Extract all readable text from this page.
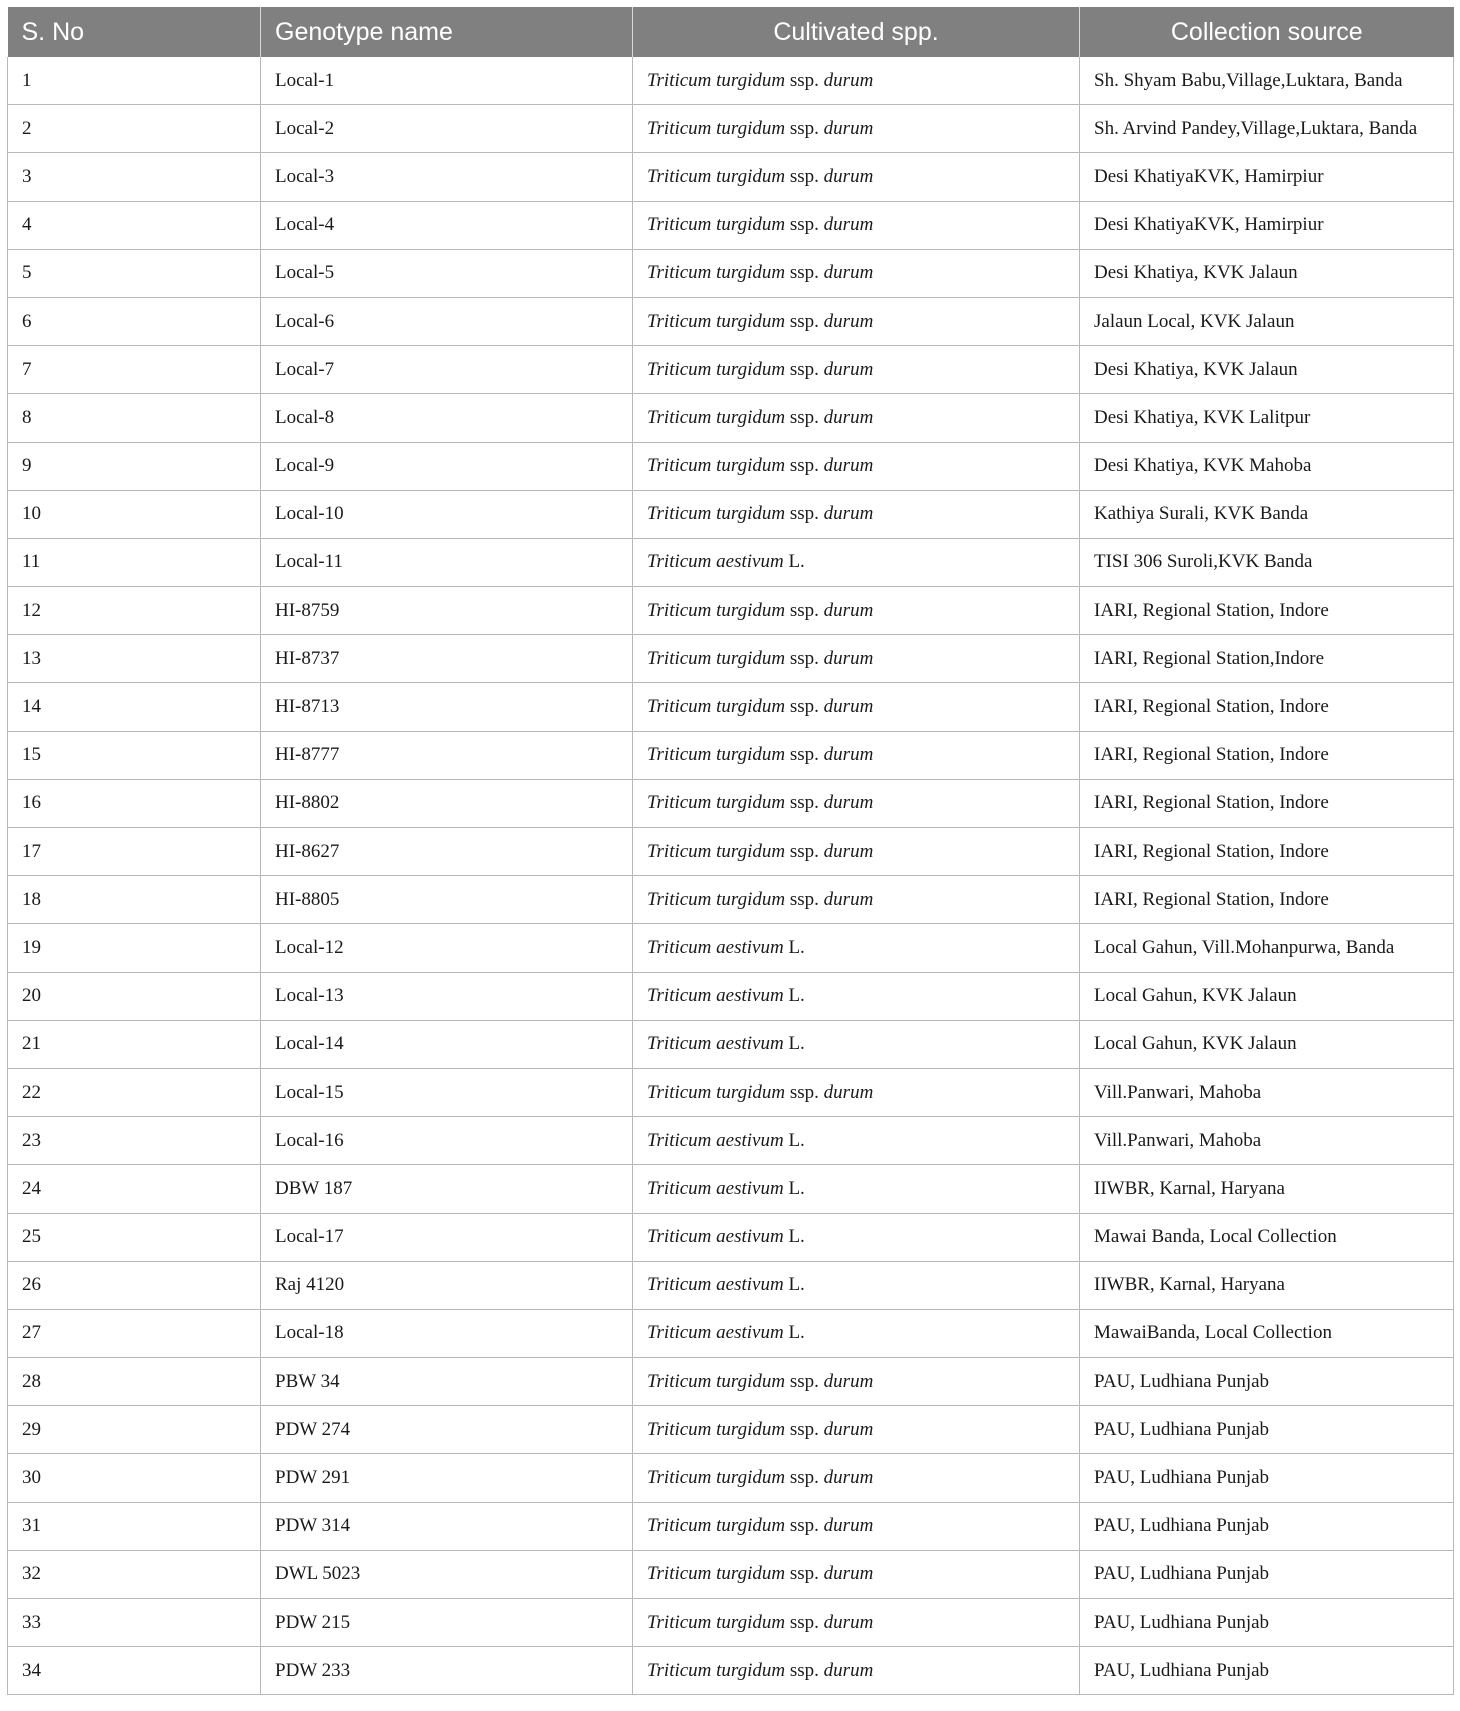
S. No	Genotype name	Cultivated spp.	Collection source
1	Local-1	Triticum turgidum ssp. durum	Sh. Shyam Babu,Village,Luktara, Banda
2	Local-2	Triticum turgidum ssp. durum	Sh. Arvind Pandey,Village,Luktara, Banda
3	Local-3	Triticum turgidum ssp. durum	Desi KhatiyaKVK, Hamirpiur
4	Local-4	Triticum turgidum ssp. durum	Desi KhatiyaKVK, Hamirpiur
5	Local-5	Triticum turgidum ssp. durum	Desi Khatiya, KVK Jalaun
6	Local-6	Triticum turgidum ssp. durum	Jalaun Local, KVK Jalaun
7	Local-7	Triticum turgidum ssp. durum	Desi Khatiya, KVK Jalaun
8	Local-8	Triticum turgidum ssp. durum	Desi Khatiya, KVK Lalitpur
9	Local-9	Triticum turgidum ssp. durum	Desi Khatiya, KVK Mahoba
10	Local-10	Triticum turgidum ssp. durum	Kathiya Surali, KVK Banda
11	Local-11	Triticum aestivum L.	TISI 306 Suroli,KVK Banda
12	HI-8759	Triticum turgidum ssp. durum	IARI, Regional Station, Indore
13	HI-8737	Triticum turgidum ssp. durum	IARI, Regional Station,Indore
14	HI-8713	Triticum turgidum ssp. durum	IARI, Regional Station, Indore
15	HI-8777	Triticum turgidum ssp. durum	IARI, Regional Station, Indore
16	HI-8802	Triticum turgidum ssp. durum	IARI, Regional Station, Indore
17	HI-8627	Triticum turgidum ssp. durum	IARI, Regional Station, Indore
18	HI-8805	Triticum turgidum ssp. durum	IARI, Regional Station, Indore
19	Local-12	Triticum aestivum L.	Local Gahun, Vill.Mohanpurwa, Banda
20	Local-13	Triticum aestivum L.	Local Gahun, KVK Jalaun
21	Local-14	Triticum aestivum L.	Local Gahun, KVK Jalaun
22	Local-15	Triticum turgidum ssp. durum	Vill.Panwari, Mahoba
23	Local-16	Triticum aestivum L.	Vill.Panwari, Mahoba
24	DBW 187	Triticum aestivum L.	IIWBR, Karnal, Haryana
25	Local-17	Triticum aestivum L.	Mawai Banda, Local Collection
26	Raj 4120	Triticum aestivum L.	IIWBR, Karnal, Haryana
27	Local-18	Triticum aestivum L.	MawaiBanda, Local Collection
28	PBW 34	Triticum turgidum ssp. durum	PAU, Ludhiana Punjab
29	PDW 274	Triticum turgidum ssp. durum	PAU, Ludhiana Punjab
30	PDW 291	Triticum turgidum ssp. durum	PAU, Ludhiana Punjab
31	PDW 314	Triticum turgidum ssp. durum	PAU, Ludhiana Punjab
32	DWL 5023	Triticum turgidum ssp. durum	PAU, Ludhiana Punjab
33	PDW 215	Triticum turgidum ssp. durum	PAU, Ludhiana Punjab
34	PDW 233	Triticum turgidum ssp. durum	PAU, Ludhiana Punjab
